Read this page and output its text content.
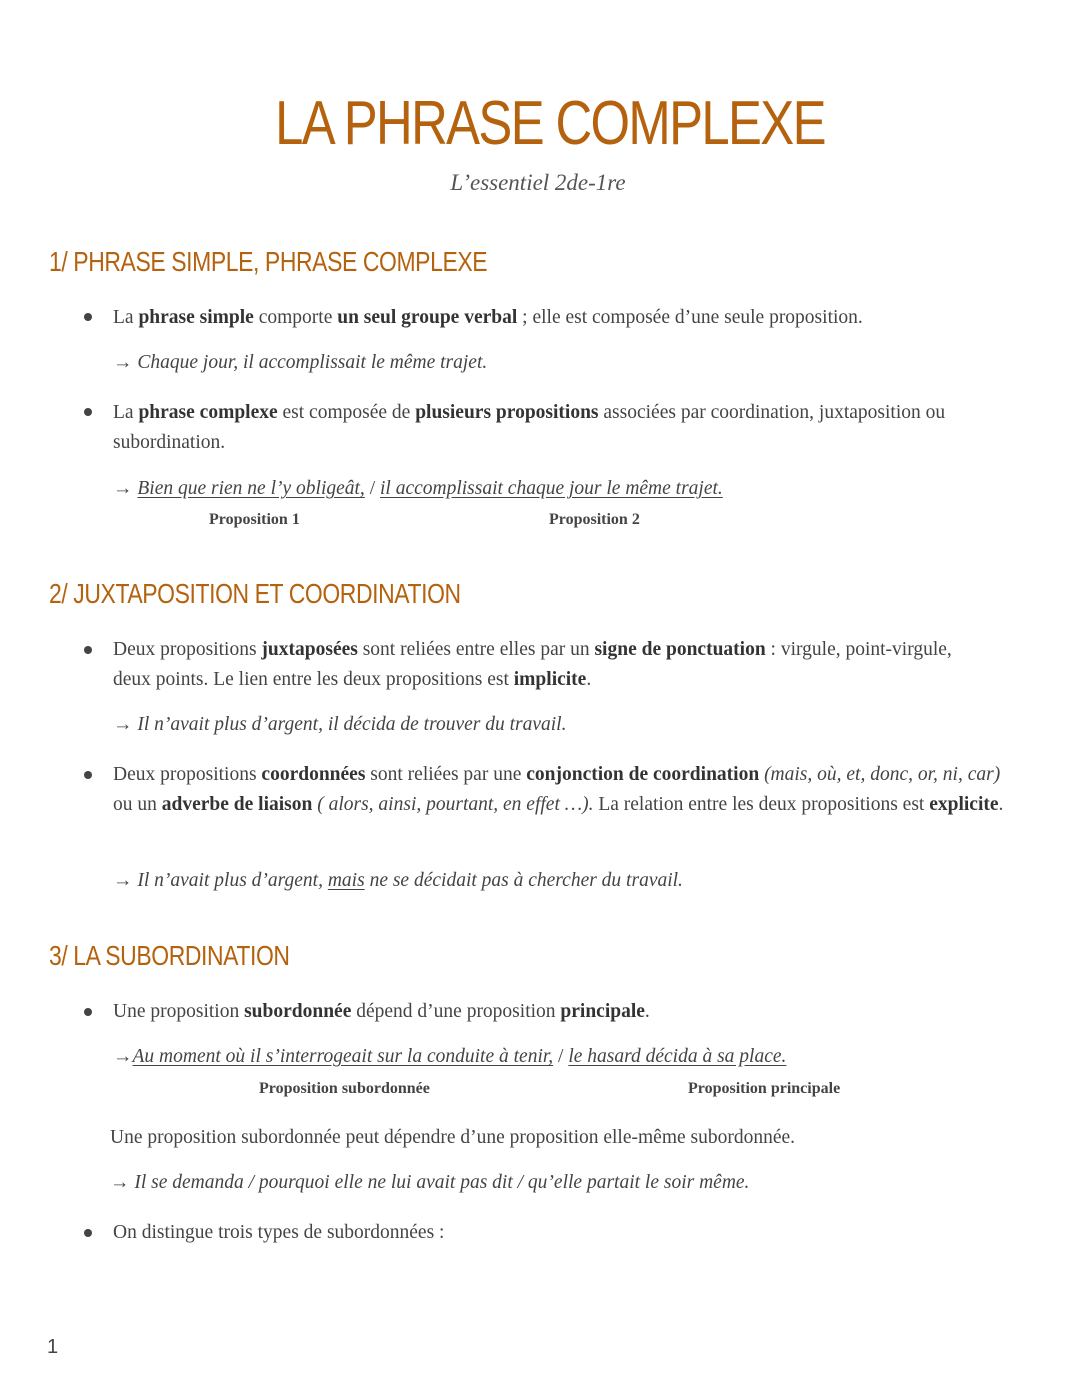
LA PHRASE COMPLEXE
L’essentiel 2de-1re
1/ PHRASE SIMPLE, PHRASE COMPLEXE
La phrase simple comporte un seul groupe verbal ; elle est composée d’une seule proposition.
→ Chaque jour, il accomplissait le même trajet.
La phrase complexe est composée de plusieurs propositions associées par coordination, juxtaposition ou subordination.
→ Bien que rien ne l’y obligeât, / il accomplissait chaque jour le même trajet.
Proposition 1	Proposition 2
2/ JUXTAPOSITION ET COORDINATION
Deux propositions juxtaposées sont reliées entre elles par un signe de ponctuation : virgule, point-virgule, deux points. Le lien entre les deux propositions est implicite.
→ Il n’avait plus d’argent, il décida de trouver du travail.
Deux propositions coordonnées sont reliées par une conjonction de coordination (mais, où, et, donc, or, ni, car) ou un adverbe de liaison ( alors, ainsi, pourtant, en effet …). La relation entre les deux propositions est explicite.
→ Il n’avait plus d’argent, mais ne se décidait pas à chercher du travail.
3/ LA SUBORDINATION
Une proposition subordonnée dépend d’une proposition principale.
→Au moment où il s’interrogeait sur la conduite à tenir, / le hasard décida à sa place.
Proposition subordonnée	Proposition principale
Une proposition subordonnée peut dépendre d’une proposition elle-même subordonnée.
→ Il se demanda / pourquoi elle ne lui avait pas dit / qu’elle partait le soir même.
On distingue trois types de subordonnées :
1
